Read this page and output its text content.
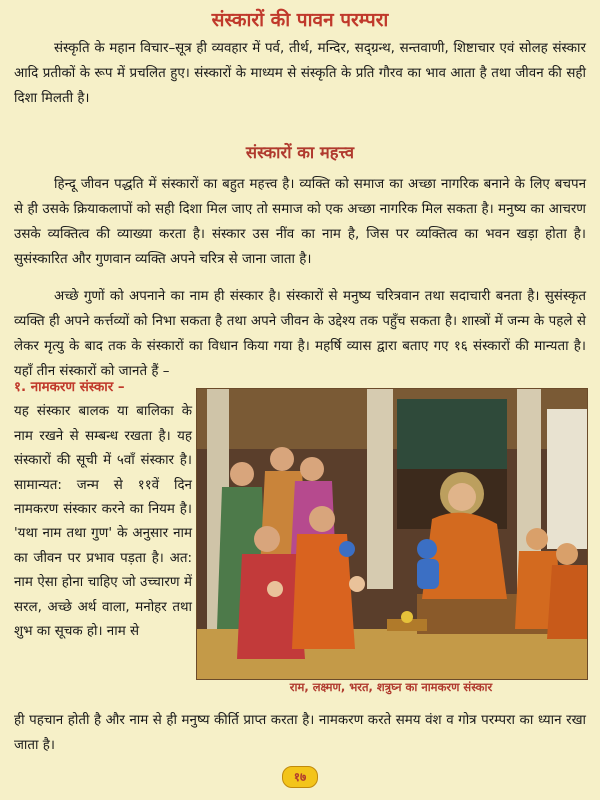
संस्कारों की पावन परम्परा
संस्कृति के महान विचार–सूत्र ही व्यवहार में पर्व, तीर्थ, मन्दिर, सद्ग्रन्थ, सन्तवाणी, शिष्टाचार एवं सोलह संस्कार आदि प्रतीकों के रूप में प्रचलित हुए। संस्कारों के माध्यम से संस्कृति के प्रति गौरव का भाव आता है तथा जीवन की सही दिशा मिलती है।
संस्कारों का महत्त्व
हिन्दू जीवन पद्धति में संस्कारों का बहुत महत्त्व है। व्यक्ति को समाज का अच्छा नागरिक बनाने के लिए बचपन से ही उसके क्रियाकलापों को सही दिशा मिल जाए तो समाज को एक अच्छा नागरिक मिल सकता है। मनुष्य का आचरण उसके व्यक्तित्व की व्याख्या करता है। संस्कार उस नींव का नाम है, जिस पर व्यक्तित्व का भवन खड़ा होता है। सुसंस्कारित और गुणवान व्यक्ति अपने चरित्र से जाना जाता है।
अच्छे गुणों को अपनाने का नाम ही संस्कार है। संस्कारों से मनुष्य चरित्रवान तथा सदाचारी बनता है। सुसंस्कृत व्यक्ति ही अपने कर्त्तव्यों को निभा सकता है तथा अपने जीवन के उद्देश्य तक पहुँच सकता है। शास्त्रों में जन्म के पहले से लेकर मृत्यु के बाद तक के संस्कारों का विधान किया गया है। महर्षि व्यास द्वारा बताए गए १६ संस्कारों की मान्यता है। यहाँ तीन संस्कारों को जानते हैं –
१. नामकरण संस्कार –
यह संस्कार बालक या बालिका के नाम रखने से सम्बन्ध रखता है। यह संस्कारों की सूची में ५वाँ संस्कार है। सामान्यत: जन्म से ११वें दिन नामकरण संस्कार करने का नियम है। 'यथा नाम तथा गुण' के अनुसार नाम का जीवन पर प्रभाव पड़ता है। अत: नाम ऐसा होना चाहिए जो उच्चारण में सरल, अच्छे अर्थ वाला, मनोहर तथा शुभ का सूचक हो। नाम से
राम, लक्ष्मण, भरत, शत्रुघ्न का नामकरण संस्कार
ही पहचान होती है और नाम से ही मनुष्य कीर्ति प्राप्त करता है। नामकरण करते समय वंश व गोत्र परम्परा का ध्यान रखा जाता है।
१७
